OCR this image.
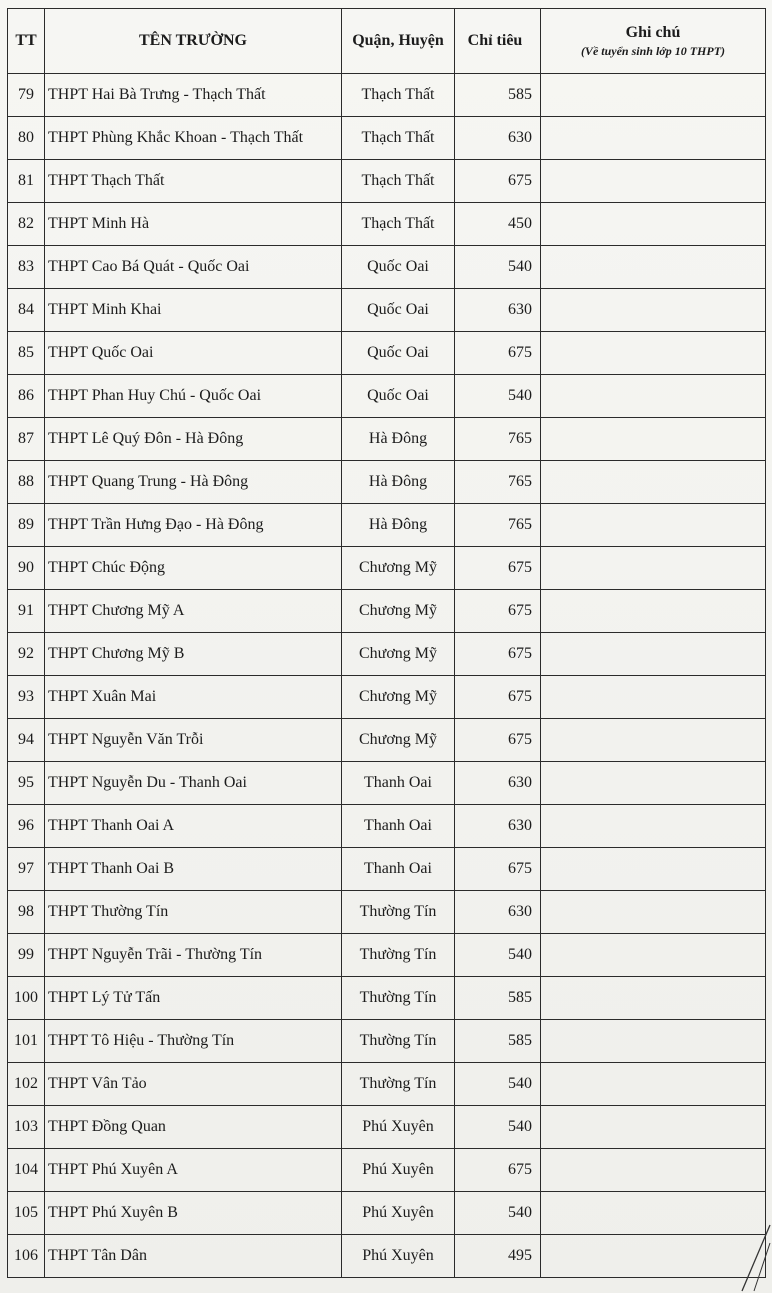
TT	TÊN TRƯỜNG	Quận, Huyện	Chỉ tiêu	Ghi chú
(Về tuyển sinh lớp 10 THPT)

79	THPT Hai Bà Trưng - Thạch Thất	Thạch Thất	585	
80	THPT Phùng Khắc Khoan - Thạch Thất	Thạch Thất	630	
81	THPT Thạch Thất	Thạch Thất	675	
82	THPT Minh Hà	Thạch Thất	450	
83	THPT Cao Bá Quát - Quốc Oai	Quốc Oai	540	
84	THPT Minh Khai	Quốc Oai	630	
85	THPT Quốc Oai	Quốc Oai	675	
86	THPT Phan Huy Chú - Quốc Oai	Quốc Oai	540	
87	THPT Lê Quý Đôn - Hà Đông	Hà Đông	765	
88	THPT Quang Trung - Hà Đông	Hà Đông	765	
89	THPT Trần Hưng Đạo - Hà Đông	Hà Đông	765	
90	THPT Chúc Động	Chương Mỹ	675	
91	THPT Chương Mỹ A	Chương Mỹ	675	
92	THPT Chương Mỹ B	Chương Mỹ	675	
93	THPT Xuân Mai	Chương Mỹ	675	
94	THPT Nguyễn Văn Trỗi	Chương Mỹ	675	
95	THPT Nguyễn Du - Thanh Oai	Thanh Oai	630	
96	THPT Thanh Oai A	Thanh Oai	630	
97	THPT Thanh Oai B	Thanh Oai	675	
98	THPT Thường Tín	Thường Tín	630	
99	THPT Nguyễn Trãi - Thường Tín	Thường Tín	540	
100	THPT Lý Tử Tấn	Thường Tín	585	
101	THPT Tô Hiệu - Thường Tín	Thường Tín	585	
102	THPT Vân Tảo	Thường Tín	540	
103	THPT Đồng Quan	Phú Xuyên	540	
104	THPT Phú Xuyên A	Phú Xuyên	675	
105	THPT Phú Xuyên B	Phú Xuyên	540	
106	THPT Tân Dân	Phú Xuyên	495	
